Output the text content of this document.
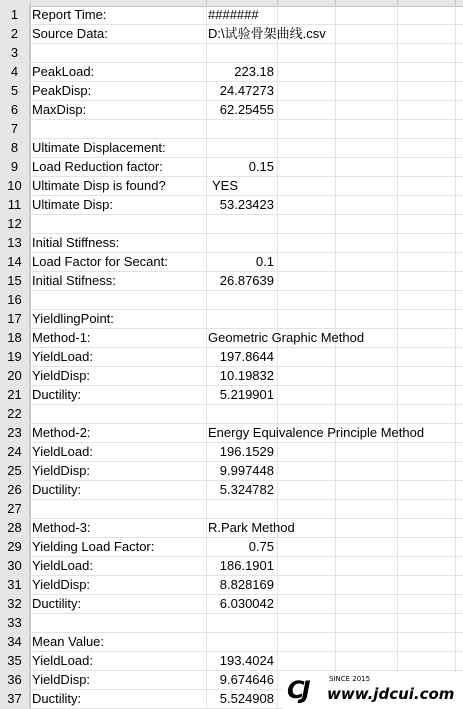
1	Report Time:	#######
2	Source Data:	D:\试验骨架曲线.csv
3
4	PeakLoad:	223.18
5	PeakDisp:	24.47273
6	MaxDisp:	62.25455
7
8	Ultimate Displacement:
9	Load Reduction factor:	0.15
10 Ultimate Disp is found?	YES
11 Ultimate Disp:	53.23423
12
13 Initial Stiffness:
14 Load Factor for Secant:	0.1
15 Initial Stifness:	26.87639
16
17 YieldlingPoint:
18 Method-1:	Geometric Graphic Method
19 YieldLoad:	197.8644
20 YieldDisp:	10.19832
21 Ductility:	5.219901
22
23 Method-2:	Energy Equivalence Principle Method
24 YieldLoad:	196.1529
25 YieldDisp:	9.997448
26 Ductility:	5.324782
27
28 Method-3:	R.Park Method
29 Yielding Load Factor:	0.75
30 YieldLoad:	186.1901
31 YieldDisp:	8.828169
32 Ductility:	6.030042
33
34 Mean Value:
35 YieldLoad:	193.4024
36 YieldDisp:	9.674646
37 Ductility:	5.524908 CJ	SINCE 2015
www.jdcui.com
